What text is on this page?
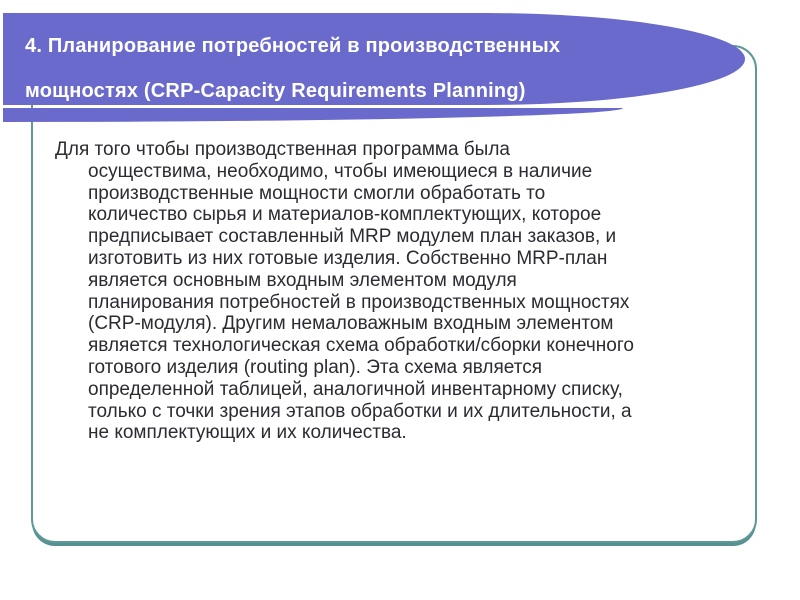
4. Планирование потребностей в производственных
мощностях (CRP-Capacity Requirements Planning)
Для того чтобы производственная программа была
осуществима, необходимо, чтобы имеющиеся в наличие
производственные мощности смогли обработать то
количество сырья и материалов-комплектующих, которое
предписывает составленный MRP модулем план заказов, и
изготовить из них готовые изделия. Собственно MRP-план
является основным входным элементом модуля
планирования потребностей в производственных мощностях
(CRP-модуля). Другим немаловажным входным элементом
является технологическая схема обработки/сборки конечного
готового изделия (routing plan). Эта схема является
определенной таблицей, аналогичной инвентарному списку,
только с точки зрения этапов обработки и их длительности, а
не комплектующих и их количества.
